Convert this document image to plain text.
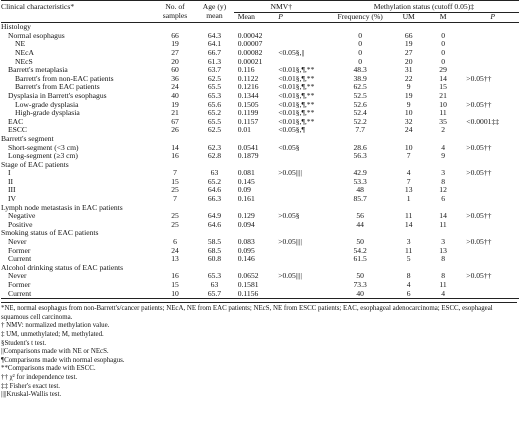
Clinical characteristics*	No. of samples	Age (y) mean	NMV†		Methylation status (cutoff 0.05)‡			
			Mean	P	Frequency (%)	UM	M	P
Histology								
Normal esophagus	66	64.3	0.00042		0	66	0	
NE	19	64.1	0.00007		0	19	0	
NEcA	27	66.7	0.00082	<0.05§,||	0	27	0	
NEcS	20	61.3	0.00021		0	20	0	
Barrett's metaplasia	60	63.7	0.116	<0.01§,¶,**	48.3	31	29	
Barrett's from non-EAC patients	36	62.5	0.1122	<0.01§,¶,**	38.9	22	14	>0.05††
Barrett's from EAC patients	24	65.5	0.1216	<0.01§,¶,**	62.5	9	15	
Dysplasia in Barrett's esophagus	40	65.3	0.1344	<0.01§,¶,**	52.5	19	21	
Low-grade dysplasia	19	65.6	0.1505	<0.01§,¶,**	52.6	9	10	>0.05††
High-grade dysplasia	21	65.2	0.1199	<0.01§,¶,**	52.4	10	11	
EAC	67	65.5	0.1157	<0.01§,¶,**	52.2	32	35	<0.0001‡‡
ESCC	26	62.5	0.01	<0.05§,¶	7.7	24	2	
Barrett's segment								
Short-segment (<3 cm)	14	62.3	0.0541	<0.05§	28.6	10	4	>0.05††
Long-segment (≥3 cm)	16	62.8	0.1879		56.3	7	9	
Stage of EAC patients								
I	7	63	0.081	>0.05||||	42.9	4	3	>0.05††
II	15	65.2	0.145		53.3	7	8	
III	25	64.6	0.09		48	13	12	
IV	7	66.3	0.161		85.7	1	6	
Lymph node metastasis in EAC patients								
Negative	25	64.9	0.129	>0.05§	56	11	14	>0.05††
Positive	25	64.6	0.094		44	14	11	
Smoking status of EAC patients								
Never	6	58.5	0.083	>0.05||||	50	3	3	>0.05††
Former	24	68.5	0.095		54.2	11	13	
Current	13	60.8	0.146		61.5	5	8	
Alcohol drinking status of EAC patients								
Never	16	65.3	0.0652	>0.05||||	50	8	8	>0.05††
Former	15	63	0.1581		73.3	4	11	
Current	10	65.7	0.1156		40	6	4	
*NE, normal esophagus from non-Barrett's/cancer patients; NEcA, NE from EAC patients; NEcS, NE from ESCC patients; EAC, esophageal adenocarcinoma; ESCC, esophageal squamous cell carcinoma.
† NMV: normalized methylation value.
‡ UM, unmethylated; M, methylated.
§Student's t test.
||Comparisons made with NE or NEcS.
¶Comparisons made with normal esophagus.
**Comparisons made with ESCC.
†† χ² for independence test.
‡‡ Fisher's exact test.
||||Kruskal-Wallis test.
